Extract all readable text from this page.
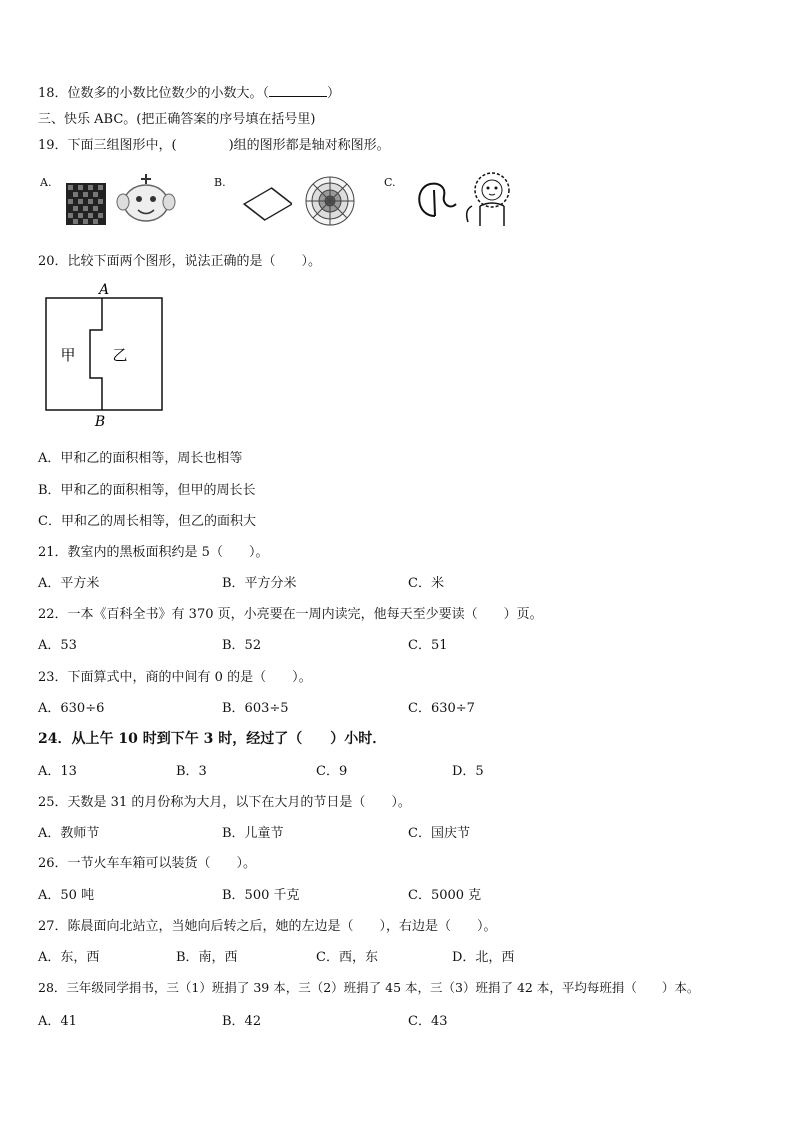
18．位数多的小数比位数少的小数大。（	）
三、快乐 ABC。(把正确答案的序号填在括号里)
19．下面三组图形中，(　　　　)组的图形都是轴对称图形。
A.	B.	C.
20．比较下面两个图形，说法正确的是（　　）。
A
B
甲 乙
A．甲和乙的面积相等，周长也相等
B．甲和乙的面积相等，但甲的周长长
C．甲和乙的周长相等，但乙的面积大
21．教室内的黑板面积约是 5（　　）。
A．平方米	B．平方分米	C．米
22．一本《百科全书》有 370 页，小亮要在一周内读完，他每天至少要读（　　）页。
A．53	B．52	C．51
23．下面算式中，商的中间有 0 的是（　　）。
A．630÷6	B．603÷5	C．630÷7
24．从上午 10 时到下午 3 时，经过了（　　）小时．
A．13	B．3	C．9	D．5
25．天数是 31 的月份称为大月，以下在大月的节日是（　　）。
A．教师节	B．儿童节	C．国庆节
26．一节火车车箱可以装货（　　）。
A．50 吨	B．500 千克	C．5000 克
27．陈晨面向北站立，当她向后转之后，她的左边是（　　），右边是（　　）。
A．东，西	B．南，西	C．西，东	D．北，西
28．三年级同学捐书，三（1）班捐了 39 本，三（2）班捐了 45 本，三（3）班捐了 42 本，平均每班捐（　　）本。
A．41	B．42	C．43
